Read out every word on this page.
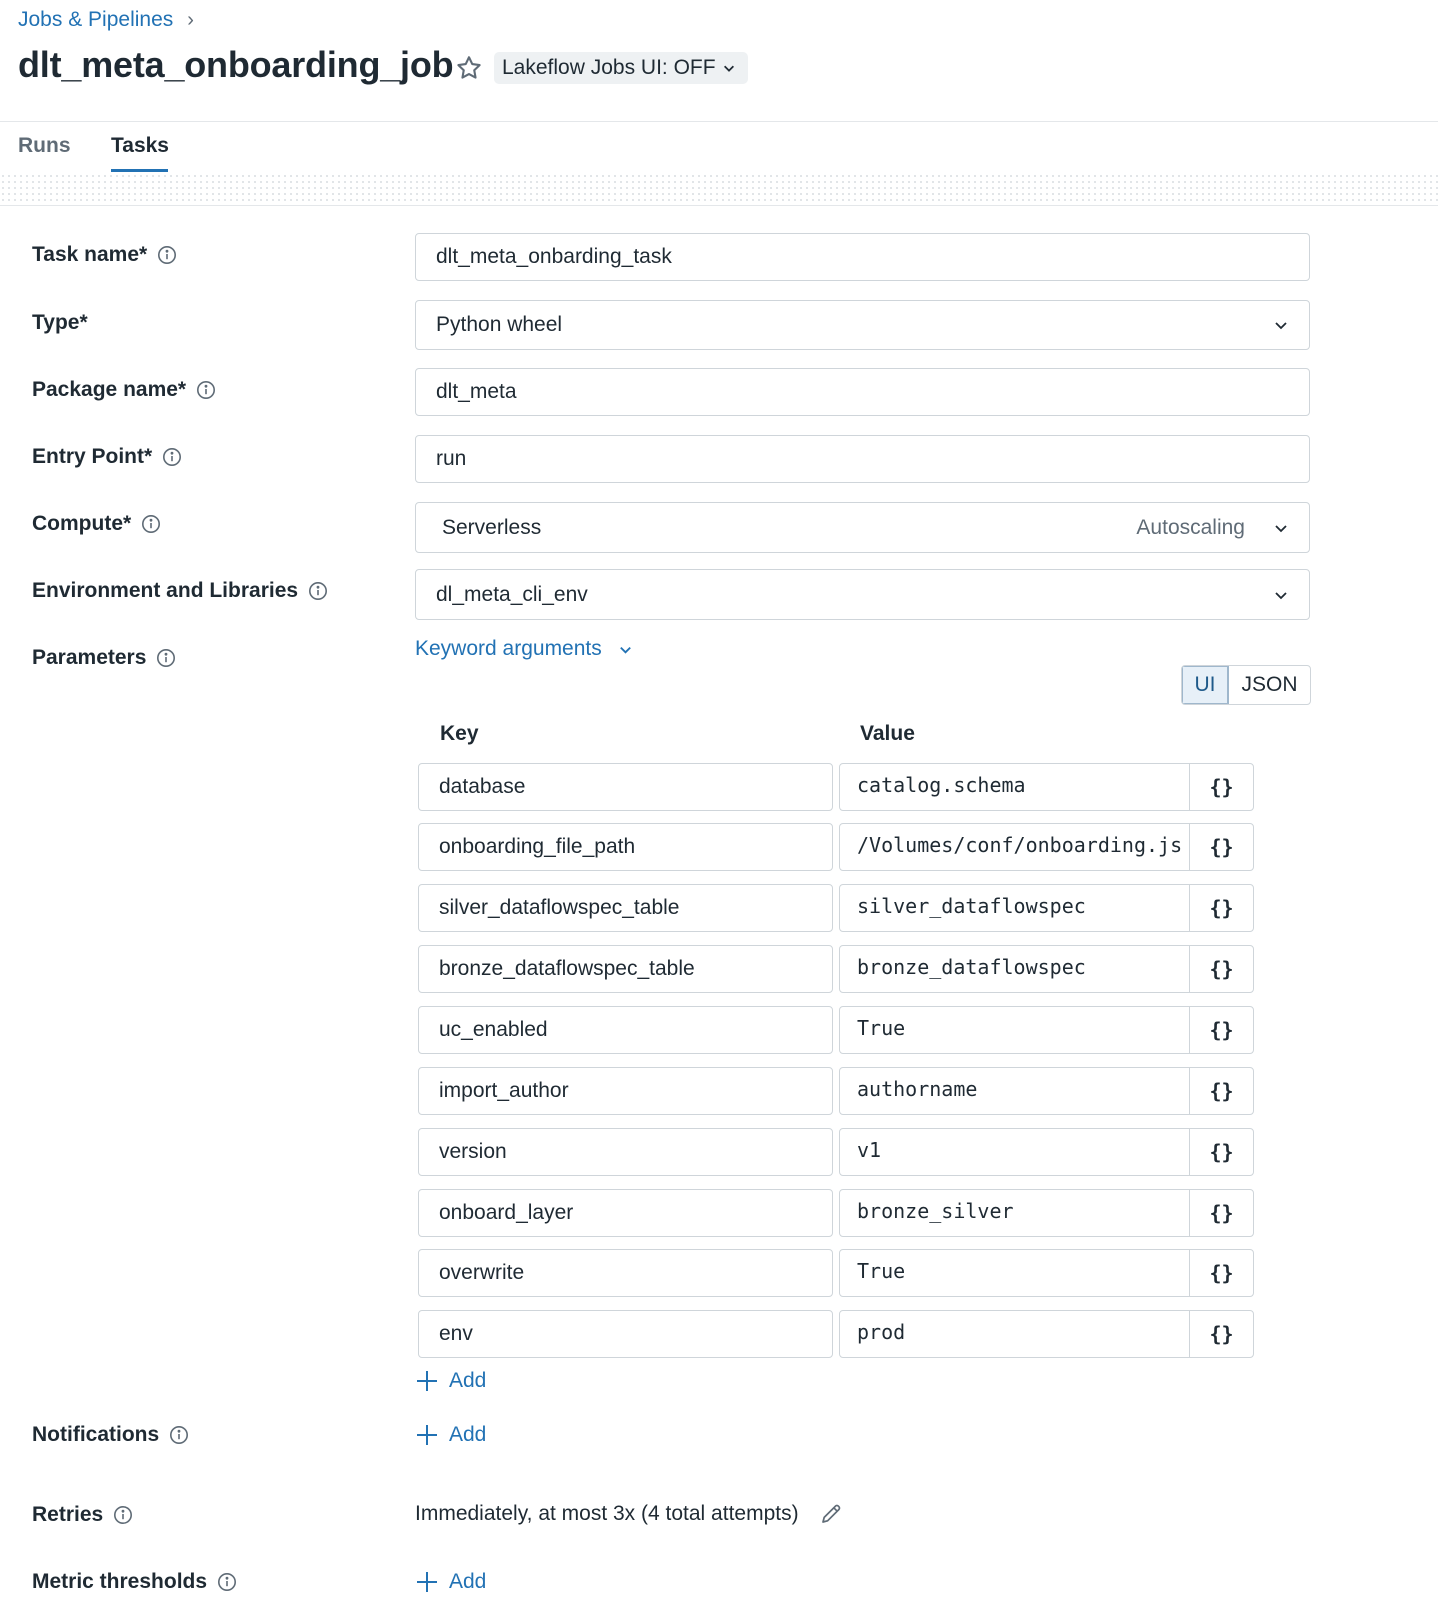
Jobs & Pipelines ›
dlt_meta_onboarding_job Lakeflow Jobs UI: OFF
Runs Tasks
Task name*	dlt_meta_onbarding_task
Type*	Python wheel
Package name*	dlt_meta
Entry Point*	run
Compute*	Serverless	Autoscaling
Environment and Libraries	dl_meta_cli_env
Parameters	Keyword arguments
UI	JSON
Key	Value
database	catalog.schema	{}
onboarding_file_path	/Volumes/conf/onboarding.js	{}
silver_dataflowspec_table	silver_dataflowspec	{}
bronze_dataflowspec_table	bronze_dataflowspec	{}
uc_enabled	True	{}
import_author	authorname	{}
version	v1	{}
onboard_layer	bronze_silver	{}
overwrite	True	{}
env	prod	{}
Add
Notifications	Add
Retries	Immediately, at most 3x (4 total attempts)
Metric thresholds	Add
